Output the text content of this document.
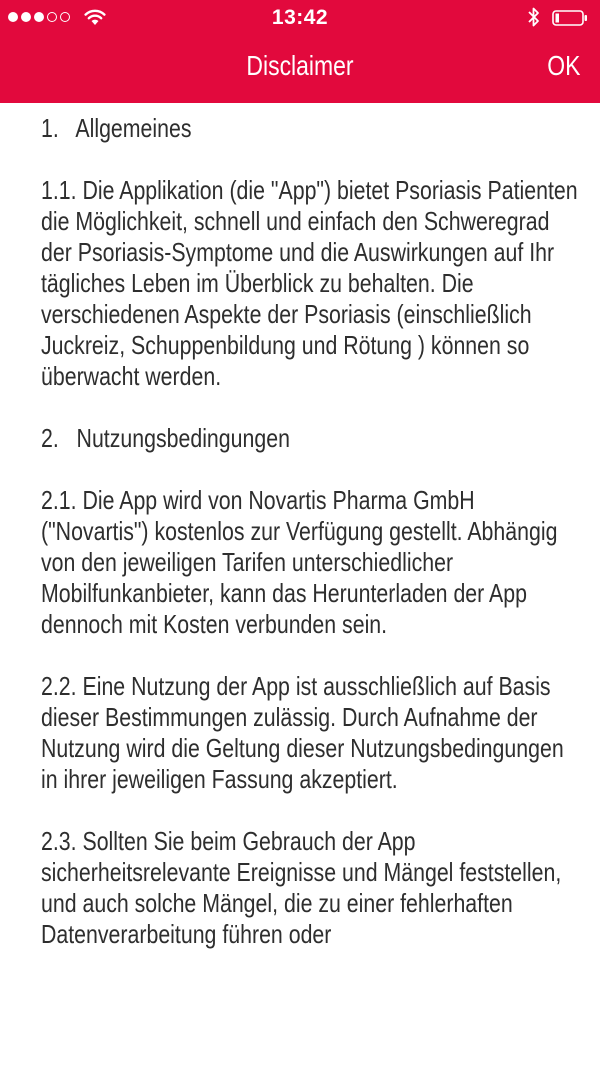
13:42
Disclaimer	OK
1.   Allgemeines
1.1. Die Applikation (die "App") bietet Psoriasis Patienten die Möglichkeit, schnell und einfach den Schweregrad der Psoriasis-Symptome und die Auswirkungen auf Ihr tägliches Leben im Überblick zu behalten. Die verschiedenen Aspekte der Psoriasis (einschließlich Juckreiz, Schuppenbildung und Rötung ) können so überwacht werden.
2.   Nutzungsbedingungen
2.1. Die App wird von Novartis Pharma GmbH ("Novartis") kostenlos zur Verfügung gestellt. Abhängig von den jeweiligen Tarifen unterschiedlicher Mobilfunkanbieter, kann das Herunterladen der App dennoch mit Kosten verbunden sein.
2.2. Eine Nutzung der App ist ausschließlich auf Basis dieser Bestimmungen zulässig. Durch Aufnahme der Nutzung wird die Geltung dieser Nutzungsbedingungen in ihrer jeweiligen Fassung akzeptiert.
2.3. Sollten Sie beim Gebrauch der App sicherheitsrelevante Ereignisse und Mängel feststellen, und auch solche Mängel, die zu einer fehlerhaften Datenverarbeitung führen oder
